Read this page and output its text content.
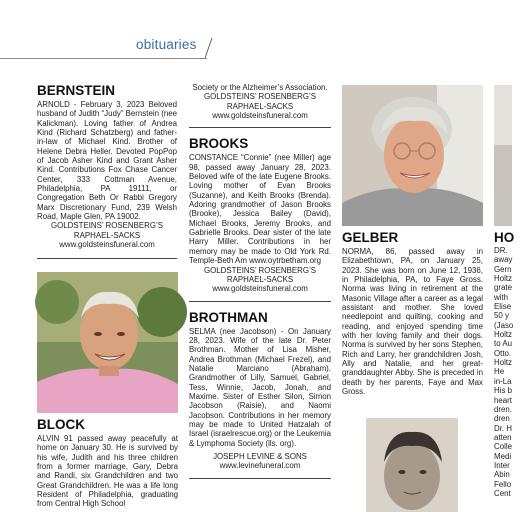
obituaries
BERNSTEIN

ARNOLD - February 3, 2023 Beloved husband of Judith “Judy” Bernstein (nee Kalickman). Loving father of Andrea Kind (Richard Schatzberg) and father-in-law of Michael Kind. Brother of Helene Debra Heller. Devoted PopPop of Jacob Asher Kind and Grant Asher Kind. Contributions Fox Chase Cancer Center, 333 Cottman Avenue, Philadelphia, PA 19111, or Congregation Beth Or Rabbi Gregory Marx Discretionary Fund, 239 Welsh Road, Maple Glen, PA 19002.

GOLDSTEINS’ ROSENBERG’S

RAPHAEL-SACKS

www.goldsteinsfuneral.com

BLOCK

ALVIN 91 passed away peacefully at home on January 30. He is survived by his wife, Judith and his three children from a former marriage, Gary, Debra and Randi, six Grandchildren and two Great Grandchildren. He was a life long Resident of Philadelphia, graduating from Central High School

Society or the Alzheimer’s Association.

GOLDSTEINS’ ROSENBERG’S

RAPHAEL-SACKS

www.goldsteinsfuneral.com

BROOKS

CONSTANCE “Connie” (nee Miller) age 98, passed away January 28, 2023. Beloved wife of the late Eugene Brooks. Loving mother of Evan Brooks (Suzanne), and Keith Brooks (Brenda). Adoring grandmother of Jason Brooks (Brooke), Jessica Bailey (David), Michael Brooks, Jeremy Brooks, and Gabrielle Brooks. Dear sister of the late Harry Miller. Contributions in her memory may be made to Old York Rd. Temple-Beth Am www.oytrbetham.org

GOLDSTEINS’ ROSENBERG’S

RAPHAEL-SACKS

www.goldsteinsfuneral.com

BROTHMAN

SELMA (nee Jacobson) - On January 28, 2023. Wife of the late Dr. Peter Brothman. Mother of Lisa Misher, Andrea Brothman (Michael Frezel), and Natalie Marciano (Abraham). Grandmother of Lilly, Samuel, Gabriel, Tess, Winnie, Jacob, Jonah, and Maxime. Sister of Esther Silon, Simon Jacobson (Raisie), and Naomi Jacobson. Contributions in her memory may be made to United Hatzalah of Israel (israelrescue.org) or the Leukemia & Lymphoma Society (lls. org).

JOSEPH LEVINE & SONS

www.levinefuneral.com

GELBER

NORMA, 86, passed away in Elizabethtown, PA, on January 25, 2023. She was born on June 12, 1936, in Philadelphia, PA, to Faye Gross. Norma was living in retirement at the Masonic Village after a career as a legal assistant and mother. She loved needlepoint and quilting, cooking and reading, and enjoyed spending time with her loving family and their dogs. Norma is survived by her sons Stephen, Rich and Larry, her grandchildren Josh, Ally and Natalie, and her great-granddaughter Abby. She is preceded in death by her parents, Faye and Max Gross.

HO

DR.

away

Gern

Holtz

grate

with

Elise

50 y

(Jaso

Holtz

to Au

Otto.

Holtz

He

in-La

His b

heart

dren.

dren

Dr. H

atten

Colle

Medi

Inter

Abin

Fello

Cent
